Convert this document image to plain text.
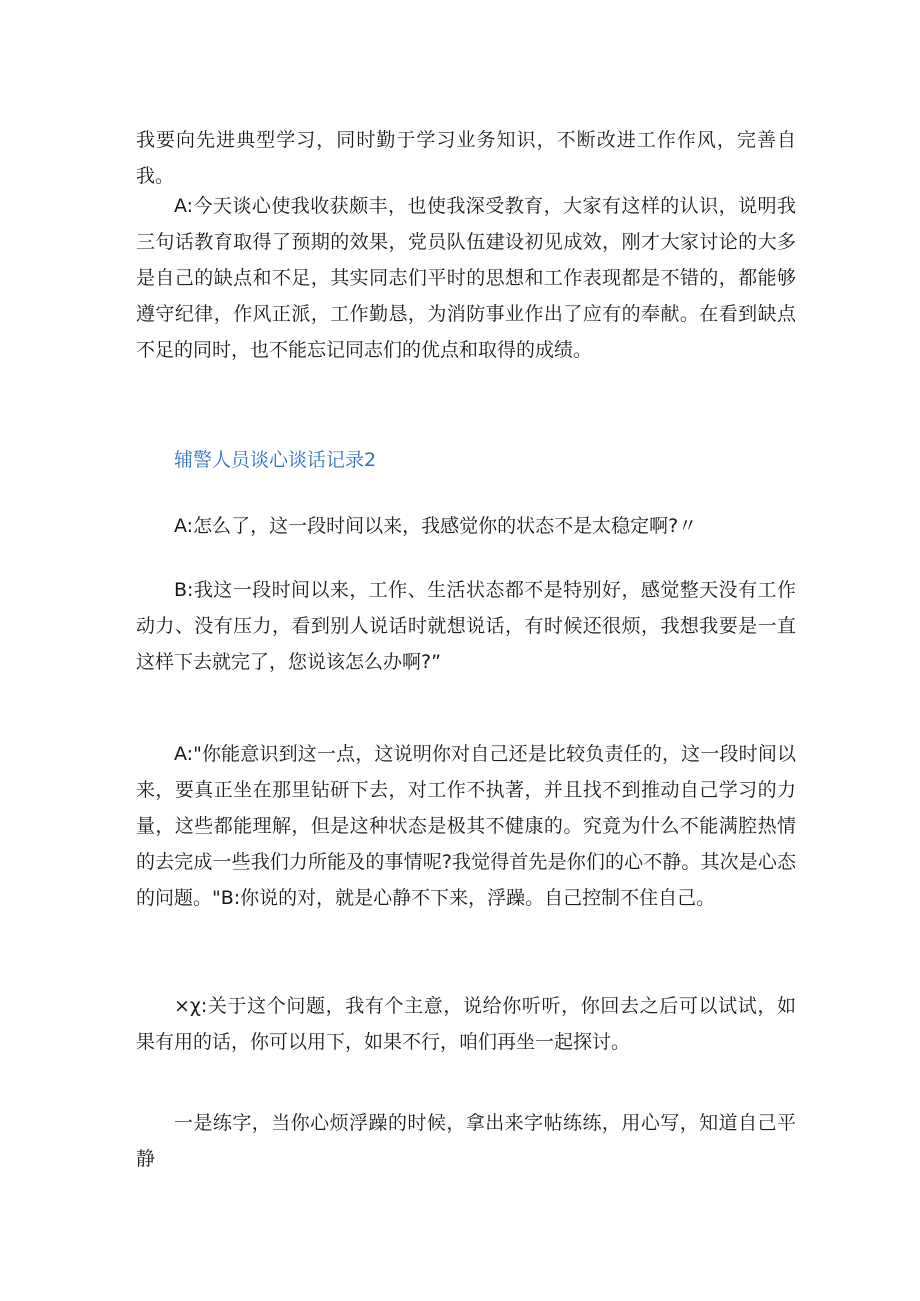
我要向先进典型学习，同时勤于学习业务知识，不断改进工作作风，完善自我。

A:今天谈心使我收获颇丰，也使我深受教育，大家有这样的认识，说明我三句话教育取得了预期的效果，党员队伍建设初见成效，刚才大家讨论的大多是自己的缺点和不足，其实同志们平时的思想和工作表现都是不错的，都能够遵守纪律，作风正派，工作勤恳，为消防事业作出了应有的奉献。在看到缺点不足的同时，也不能忘记同志们的优点和取得的成绩。

辅警人员谈心谈话记录2

A:怎么了，这一段时间以来，我感觉你的状态不是太稳定啊?〃

B:我这一段时间以来，工作、生活状态都不是特别好，感觉整天没有工作动力、没有压力，看到别人说话时就想说话，有时候还很烦，我想我要是一直这样下去就完了，您说该怎么办啊?”

A:"你能意识到这一点，这说明你对自己还是比较负责任的，这一段时间以来，要真正坐在那里钻研下去，对工作不执著，并且找不到推动自己学习的力量，这些都能理解，但是这种状态是极其不健康的。究竟为什么不能满腔热情的去完成一些我们力所能及的事情呢?我觉得首先是你们的心不静。其次是心态的问题。"B:你说的对，就是心静不下来，浮躁。自己控制不住自己。

×χ:关于这个问题，我有个主意，说给你听听，你回去之后可以试试，如果有用的话，你可以用下，如果不行，咱们再坐一起探讨。

一是练字，当你心烦浮躁的时候，拿出来字帖练练，用心写，知道自己平静
